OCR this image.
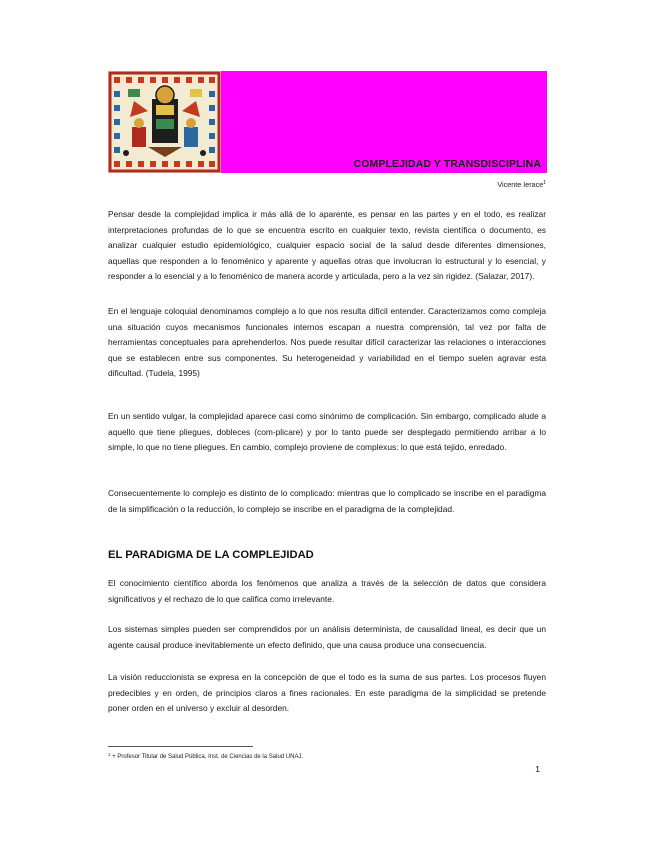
COMPLEJIDAD Y TRANSDISCIPLINA
Vicente Ierace$^1$

Pensar desde la complejidad implica ir más allá de lo aparente, es pensar en las partes y en el todo, es realizar interpretaciones profundas de lo que se encuentra escrito en cualquier texto, revista científica o documento, es analizar cualquier estudio epidemiológico, cualquier espacio social de la salud desde diferentes dimensiones, aquellas que responden a lo fenoménico y aparente y aquellas otras que involucran lo estructural y lo esencial, y responder a lo esencial y a lo fenoménico de manera acorde y articulada, pero a la vez sin rigidez. (Salazar, 2017).

En el lenguaje coloquial denominamos complejo a lo que nos resulta difícil entender. Caracterizamos como compleja una situación cuyos mecanismos funcionales internos escapan a nuestra comprensión, tal vez por falta de herramientas conceptuales para aprehenderlos. Nos puede resultar difícil caracterizar las relaciones o interacciones que se establecen entre sus componentes. Su heterogeneidad y variabilidad en el tiempo suelen agravar esta dificultad. (Tudela, 1995)

En un sentido vulgar, la complejidad aparece casi como sinónimo de complicación. Sin embargo, complicado alude a aquello que tiene pliegues, dobleces (com-plicare) y por lo tanto puede ser desplegado permitiendo arribar a lo simple, lo que no tiene pliegues. En cambio, complejo proviene de complexus: lo que está tejido, enredado.

Consecuentemente lo complejo es distinto de lo complicado: mientras que lo complicado se inscribe en el paradigma de la simplificación o la reducción, lo complejo se inscribe en el paradigma de la complejidad.

EL PARADIGMA DE LA COMPLEJIDAD

El conocimiento científico aborda los fenómenos que analiza a través de la selección de datos que considera significativos y el rechazo de lo que califica como irrelevante.

Los sistemas simples pueden ser comprendidos por un análisis determinista, de causalidad lineal, es decir que un agente causal produce inevitablemente un efecto definido, que una causa produce una consecuencia.

La visión reduccionista se expresa en la concepción de que el todo es la suma de sus partes. Los procesos fluyen predecibles y en orden, de principios claros a fines racionales. En este paradigma de la simplicidad se pretende poner orden en el universo y excluir al desorden.

$^1$ + Profesor Titular de Salud Pública, Inst. de Ciencias de la Salud UNAJ.
1
